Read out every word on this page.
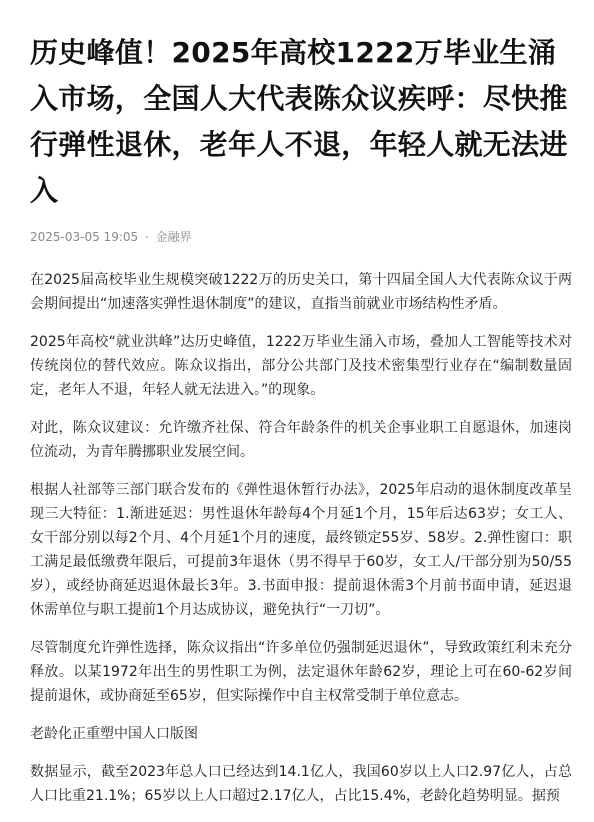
历史峰值！2025年高校1222万毕业生涌入市场，全国人大代表陈众议疾呼：尽快推行弹性退休，老年人不退，年轻人就无法进入
2025-03-05 19:05 · 金融界

在2025届高校毕业生规模突破1222万的历史关口，第十四届全国人大代表陈众议于两会期间提出“加速落实弹性退休制度”的建议，直指当前就业市场结构性矛盾。

2025年高校“就业洪峰”达历史峰值，1222万毕业生涌入市场，叠加人工智能等技术对传统岗位的替代效应。陈众议指出，部分公共部门及技术密集型行业存在“编制数量固定，老年人不退，年轻人就无法进入。”的现象。

对此，陈众议建议：允许缴齐社保、符合年龄条件的机关企事业职工自愿退休，加速岗位流动，为青年腾挪职业发展空间。

根据人社部等三部门联合发布的《弹性退休暂行办法》，2025年启动的退休制度改革呈现三大特征：1.渐进延迟：男性退休年龄每4个月延1个月，15年后达63岁；女工人、女干部分别以每2个月、4个月延1个月的速度，最终锁定55岁、58岁。2.弹性窗口：职工满足最低缴费年限后，可提前3年退休（男不得早于60岁，女工人/干部分别为50/55岁），或经协商延迟退休最长3年。3.书面申报：提前退休需3个月前书面申请，延迟退休需单位与职工提前1个月达成协议，避免执行“一刀切”。

尽管制度允许弹性选择，陈众议指出“许多单位仍强制延迟退休”，导致政策红利未充分释放。以某1972年出生的男性职工为例，法定退休年龄62岁，理论上可在60-62岁间提前退休，或协商延至65岁，但实际操作中自主权常受制于单位意志。

老龄化正重塑中国人口版图

数据显示，截至2023年总人口已经达到14.1亿人，我国60岁以上人口2.97亿人，占总人口比重21.1%；65岁以上人口超过2.17亿人，占比15.4%，老龄化趋势明显。据预
